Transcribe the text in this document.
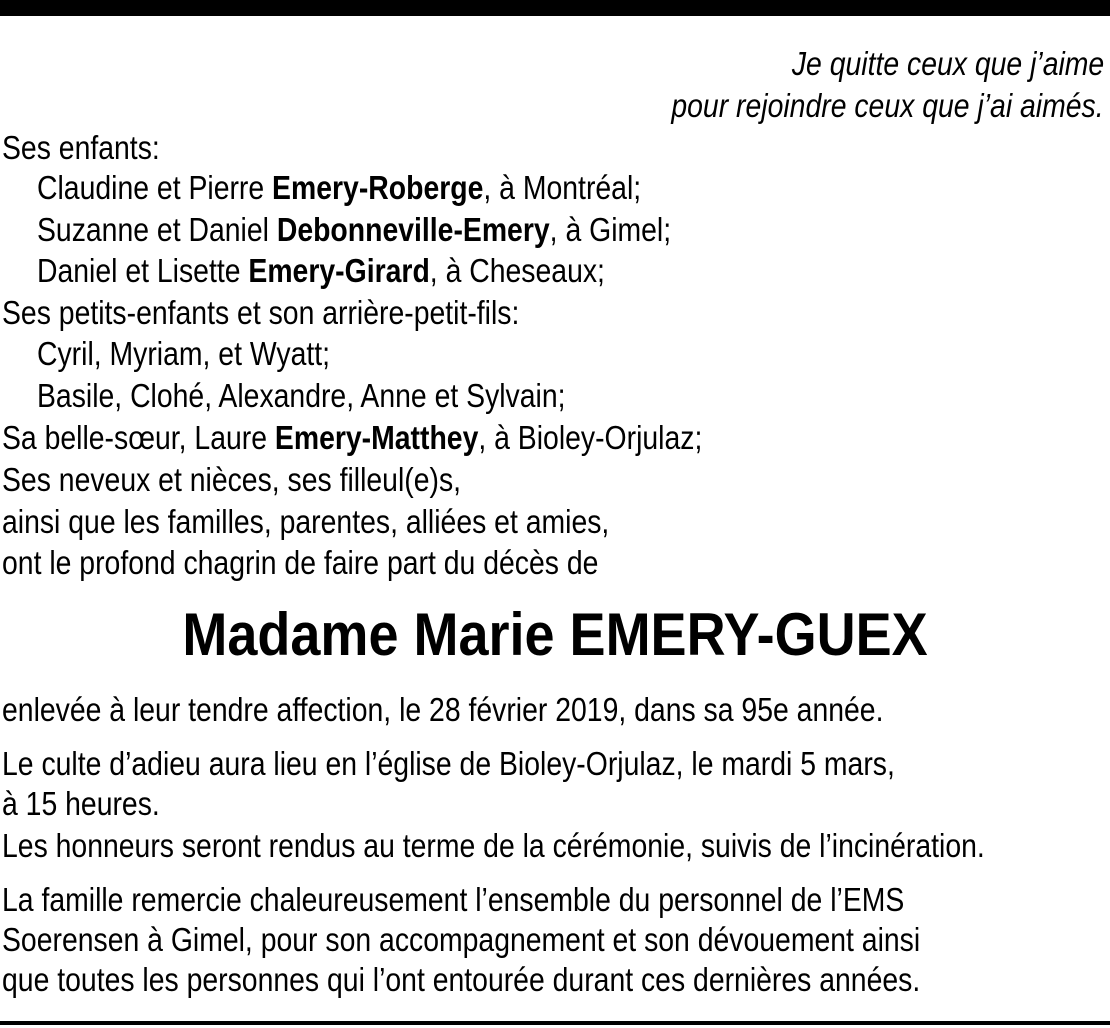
Je quitte ceux que j’aime
pour rejoindre ceux que j’ai aimés.
Ses enfants:
Claudine et Pierre Emery-Roberge, à Montréal;
Suzanne et Daniel Debonneville-Emery, à Gimel;
Daniel et Lisette Emery-Girard, à Cheseaux;
Ses petits-enfants et son arrière-petit-fils:
Cyril, Myriam, et Wyatt;
Basile, Clohé, Alexandre, Anne et Sylvain;
Sa belle-sœur, Laure Emery-Matthey, à Bioley-Orjulaz;
Ses neveux et nièces, ses filleul(e)s,
ainsi que les familles, parentes, alliées et amies,
ont le profond chagrin de faire part du décès de
Madame Marie EMERY-GUEX
enlevée à leur tendre affection, le 28 février 2019, dans sa 95e année.
Le culte d’adieu aura lieu en l’église de Bioley-Orjulaz, le mardi 5 mars,
à 15 heures.
Les honneurs seront rendus au terme de la cérémonie, suivis de l’incinération.
La famille remercie chaleureusement l’ensemble du personnel de l’EMS
Soerensen à Gimel, pour son accompagnement et son dévouement ainsi
que toutes les personnes qui l’ont entourée durant ces dernières années.
